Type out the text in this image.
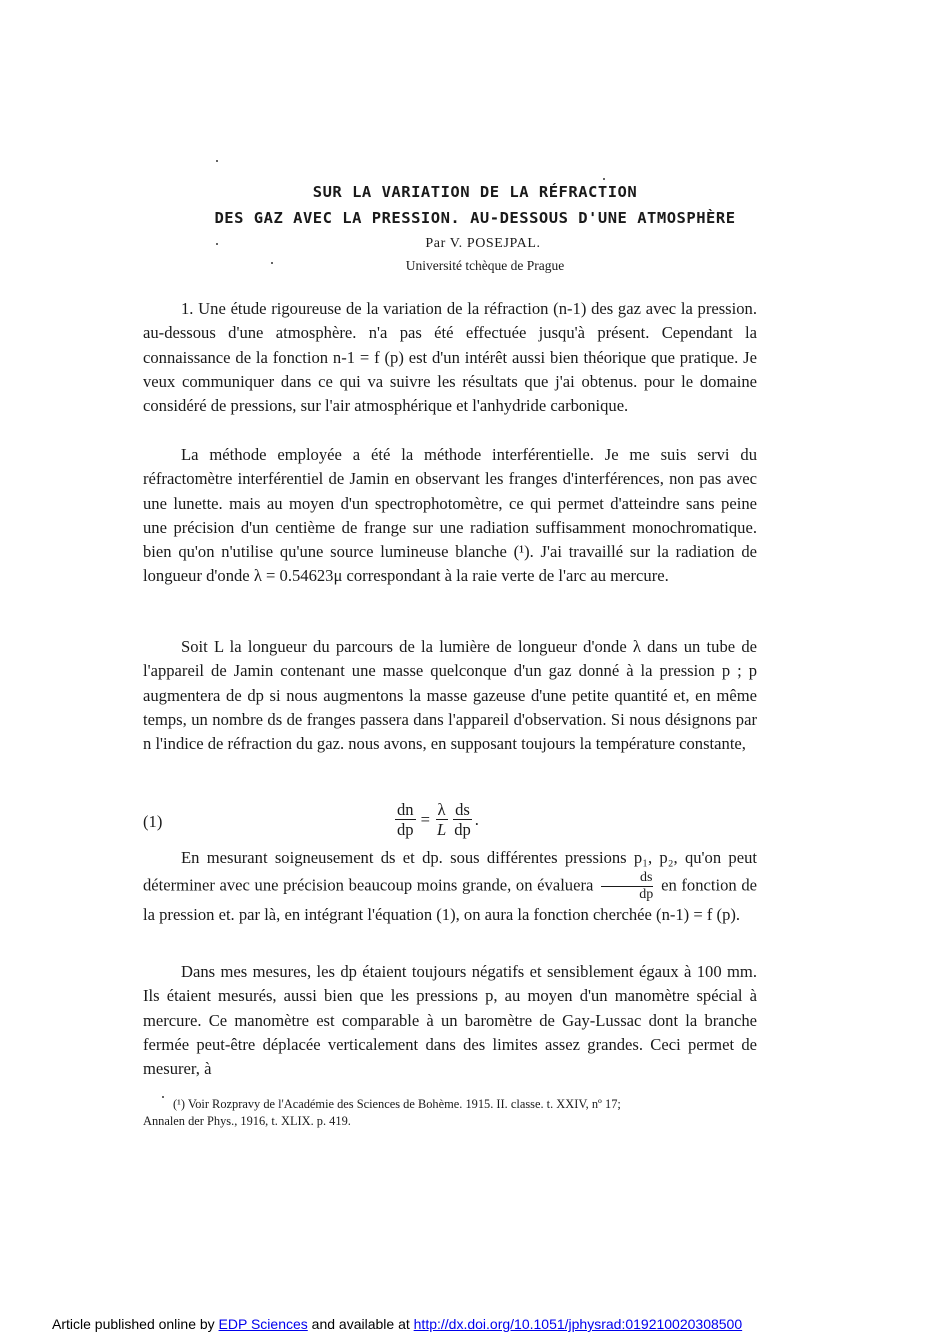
SUR LA VARIATION DE LA RÉFRACTION
DES GAZ AVEC LA PRESSION. AU-DESSOUS D'UNE ATMOSPHÈRE
Par V. POSEJPAL.
Université tchèque de Prague

1. Une étude rigoureuse de la variation de la réfraction (n-1) des gaz avec la pression. au-dessous d'une atmosphère. n'a pas été effectuée jusqu'à présent. Cependant la connaissance de la fonction n-1 = f (p) est d'un intérêt aussi bien théorique que pratique. Je veux communiquer dans ce qui va suivre les résultats que j'ai obtenus. pour le domaine considéré de pressions, sur l'air atmosphérique et l'anhydride carbonique.

La méthode employée a été la méthode interférentielle. Je me suis servi du réfractomètre interférentiel de Jamin en observant les franges d'interférences, non pas avec une lunette. mais au moyen d'un spectrophotomètre, ce qui permet d'atteindre sans peine une précision d'un centième de frange sur une radiation suffisamment monochromatique. bien qu'on n'utilise qu'une source lumineuse blanche (¹). J'ai travaillé sur la radiation de longueur d'onde λ = 0.54623μ correspondant à la raie verte de l'arc au mercure.

Soit L la longueur du parcours de la lumière de longueur d'onde λ dans un tube de l'appareil de Jamin contenant une masse quelconque d'un gaz donné à la pression p ; p augmentera de dp si nous augmentons la masse gazeuse d'une petite quantité et, en même temps, un nombre ds de franges passera dans l'appareil d'observation. Si nous désignons par n l'indice de réfraction du gaz. nous avons, en supposant toujours la température constante,

(1)	$\frac{dn}{dp} = \frac{\lambda}{L} \frac{ds}{dp}$ .

En mesurant soigneusement ds et dp. sous différentes pressions p₁, p₂, qu'on peut déterminer avec une précision beaucoup moins grande, on évaluera $\frac{ds}{dp}$ en fonction de la pression et. par là, en intégrant l'équation (1), on aura la fonction cherchée (n-1) = f (p).

Dans mes mesures, les dp étaient toujours négatifs et sensiblement égaux à 100 mm. Ils étaient mesurés, aussi bien que les pressions p, au moyen d'un manomètre spécial à mercure. Ce manomètre est comparable à un baromètre de Gay-Lussac dont la branche fermée peut-être déplacée verticalement dans des limites assez grandes. Ceci permet de mesurer, à

(¹) Voir Rozpravy de l'Académie des Sciences de Bohème. 1915. II. classe. t. XXIV, nº 17;
Annalen der Phys., 1916, t. XLIX. p. 419.
Article published online by EDP Sciences and available at http://dx.doi.org/10.1051/jphysrad:019210020308500
